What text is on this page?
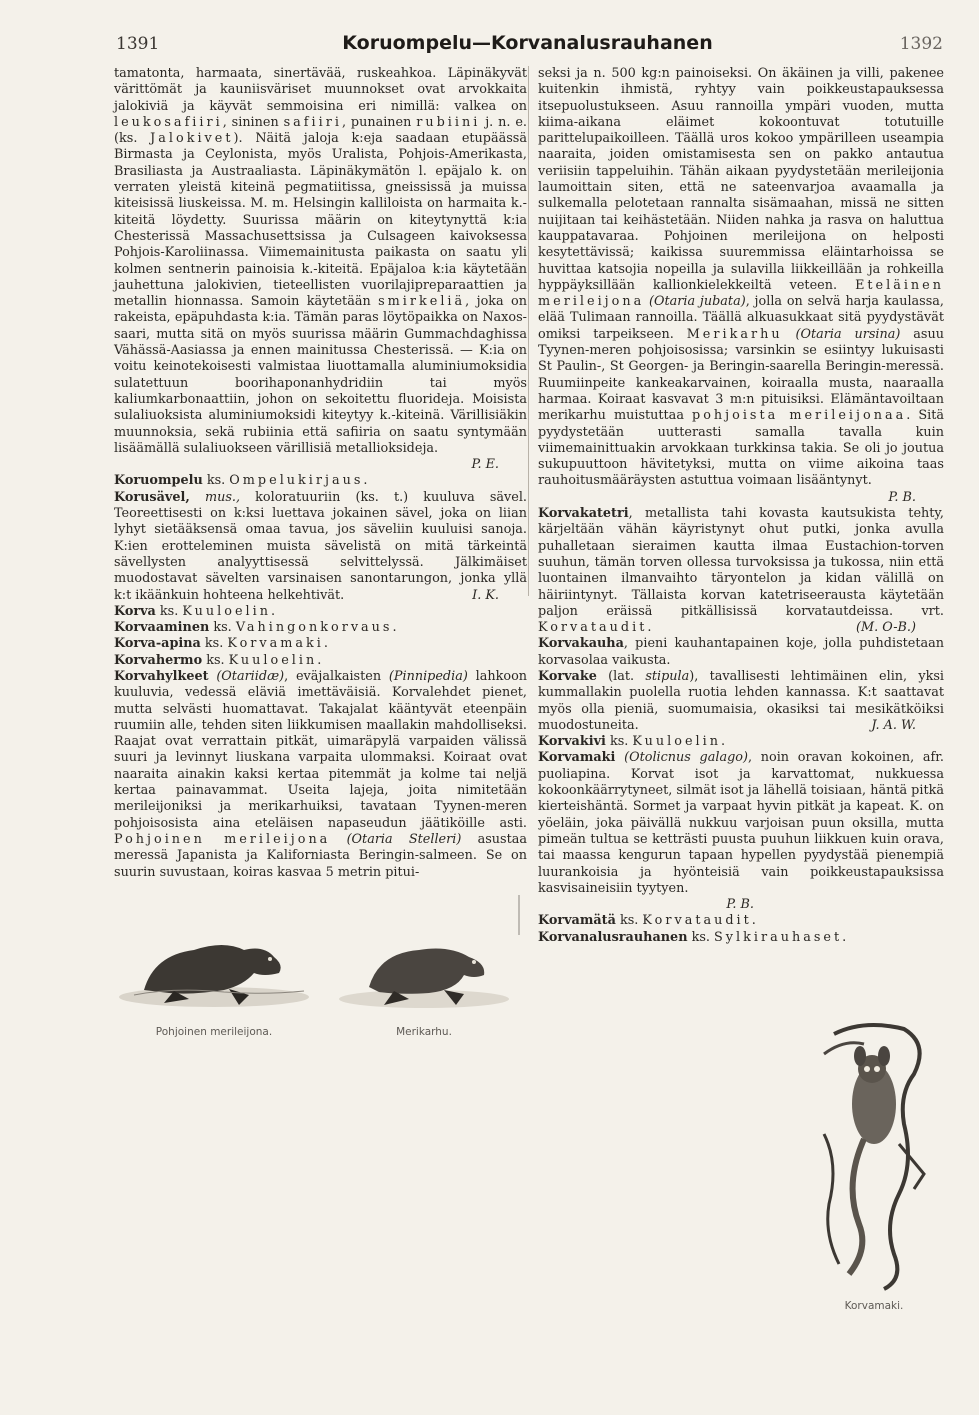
1391	Koruompelu—Korvanalusrauhanen	1392

tamatonta, harmaata, sinertävää, ruskeahkoa. Läpinäkyvät värittömät ja kauniisväriset muunnokset ovat arvokkaita jalokiviä ja käyvät semmoisina eri nimillä: valkea on leukosafiiri, sininen safiiri, punainen rubiini j. n. e. (ks. Jalokivet). Näitä jaloja k:eja saadaan etupäässä Birmasta ja Ceylonista, myös Uralista, Pohjois-Amerikasta, Brasiliasta ja Austraaliasta. Läpinäkymätön l. epäjalo k. on verraten yleistä kiteinä pegmatiitissa, gneississä ja muissa kiteisissä liuskeissa. M. m. Helsingin kalliloista on harmaita k.-kiteitä löydetty. Suurissa määrin on kiteytynyttä k:ia Chesterissä Massachusettsissa ja Culsageen kaivoksessa Pohjois-Karoliinassa. Viimemainitusta paikasta on saatu yli kolmen sentnerin painoisia k.-kiteitä. Epäjaloa k:ia käytetään jauhettuna jalokivien, tieteellisten vuorilajipreparaattien ja metallin hionnassa. Samoin käytetään smirkeliä, joka on rakeista, epäpuhdasta k:ia. Tämän paras löytöpaikka on Naxos-saari, mutta sitä on myös suurissa määrin Gummachdaghissa Vähässä-Aasiassa ja ennen mainitussa Chesterissä. — K:ia on voitu keinotekoisesti valmistaa liuottamalla aluminiumoksidia sulatettuun boorihaponanhydridiin tai myös kaliumkarbonaattiin, johon on sekoitettu fluorideja. Moisista sulaliuoksista aluminiumoksidi kiteytyy k.-kiteinä. Värillisiäkin muunnoksia, sekä rubiinia että safiiria on saatu syntymään lisäämällä sulaliuokseen värillisiä metallioksideja.

P. E.

Koruompelu ks. Ompelukirjaus.

Korusävel, mus., koloratuuriin (ks. t.) kuuluva sävel. Teoreettisesti on k:ksi luettava jokainen sävel, joka on liian lyhyt sietääksensä omaa tavua, jos säveliin kuuluisi sanoja. K:ien erotteleminen muista sävelistä on mitä tärkeintä sävellysten analyyttisessä selvittelyssä. Jälkimäiset muodostavat sävelten varsinaisen sanontarungon, jonka yllä k:t ikäänkuin hohteena helkehtivät.	I. K.

Korva ks. Kuuloelin.

Korvaaminen ks. Vahingonkorvaus.

Korva-apina ks. Korvamaki.

Korvahermo ks. Kuuloelin.

Korvahylkeet (Otariidæ), eväjalkaisten (Pinnipedia) lahkoon kuuluvia, vedessä eläviä imettäväisiä. Korvalehdet pienet, mutta selvästi huomattavat. Takajalat kääntyvät eteenpäin ruumiin alle, tehden siten liikkumisen maallakin mahdolliseksi. Raajat ovat verrattain pitkät, uimaräpylä varpaiden välissä suuri ja levinnyt liuskana varpaita ulommaksi. Koiraat ovat naaraita ainakin kaksi kertaa pitemmät ja kolme tai neljä kertaa painavammat. Useita lajeja, joita nimitetään merileijoniksi ja merikarhuiksi, tavataan Tyynen-meren pohjoisosista aina eteläisen napaseudun jäätiköille asti. Pohjoinen merileijona (Otaria Stelleri) asustaa meressä Japanista ja Kaliforniasta Beringin-salmeen. Se on suurin suvustaan, koiras kasvaa 5 metrin pitui-

Pohjoinen merileijona.	Merikarhu.

seksi ja n. 500 kg:n painoiseksi. On äkäinen ja villi, pakenee kuitenkin ihmistä, ryhtyy vain poikkeustapauksessa itsepuolustukseen. Asuu rannoilla ympäri vuoden, mutta kiima-aikana eläimet kokoontuvat totutuille parittelupaikoilleen. Täällä uros kokoo ympärilleen useampia naaraita, joiden omistamisesta sen on pakko antautua veriisiin tappeluihin. Tähän aikaan pyydystetään merileijonia laumoittain siten, että ne sateenvarjoa avaamalla ja sulkemalla pelotetaan rannalta sisämaahan, missä ne sitten nuijitaan tai keihästetään. Niiden nahka ja rasva on haluttua kauppatavaraa. Pohjoinen merileijona on helposti kesytettävissä; kaikissa suuremmissa eläintarhoissa se huvittaa katsojia nopeilla ja sulavilla liikkeillään ja rohkeilla hyppäyksillään kallionkielekkeiltä veteen. Eteläinen merileijona (Otaria jubata), jolla on selvä harja kaulassa, elää Tulimaan rannoilla. Täällä alkuasukkaat sitä pyydystävät omiksi tarpeikseen. Merikarhu (Otaria ursina) asuu Tyynen-meren pohjoisosissa; varsinkin se esiintyy lukuisasti St Paulin-, St Georgen- ja Beringin-saarella Beringin-meressä. Ruumiinpeite kankeakarvainen, koiraalla musta, naaraalla harmaa. Koiraat kasvavat 3 m:n pituisiksi. Elämäntavoiltaan merikarhu muistuttaa pohjoista merileijonaa. Sitä pyydystetään uutterasti samalla tavalla kuin viimemainittuakin arvokkaan turkkinsa takia. Se oli jo joutua sukupuuttoon hävitetyksi, mutta on viime aikoina taas rauhoitusmääräysten astuttua voimaan lisääntynyt.

P. B.

Korvakatetri, metallista tahi kovasta kautsukista tehty, kärjeltään vähän käyristynyt ohut putki, jonka avulla puhalletaan sieraimen kautta ilmaa Eustachion-torven suuhun, tämän torven ollessa turvoksissa ja tukossa, niin että luontainen ilmanvaihto täryontelon ja kidan välillä on häiriintynyt. Tällaista korvan katetriseerausta käytetään paljon eräissä pitkällisissä korvatautdeissa. vrt. Korvataudit.	(M. O-B.)

Korvakauha, pieni kauhantapainen koje, jolla puhdistetaan korvasolaa vaikusta.

Korvake (lat. stipula), tavallisesti lehtimäinen elin, yksi kummallakin puolella ruotia lehden kannassa. K:t saattavat myös olla pieniä, suomumaisia, okasiksi tai mesikätköiksi muodostuneita.	J. A. W.

Korvakivi ks. Kuuloelin.

Korvamaki (Otolicnus galago), noin oravan kokoinen, afr. puoliapina. Korvat isot ja karvattomat, nukkuessa kokoonkäärrytyneet, silmät isot ja lähellä toisiaan, häntä pitkä kierteishäntä. Sormet ja varpaat hyvin pitkät ja kapeat. K. on yöeläin, joka päivällä nukkuu varjoisan puun oksilla, mutta pimeän tultua se ketträsti puusta puuhun liikkuen kuin orava, tai maassa kengurun tapaan hypellen pyydystää pienempiä luurankoisia ja hyönteisiä vain poikkeustapauksissa kasvisaineisiin tyytyen.

Korvamaki.

P. B.

Korvamätä ks. Korvataudit.

Korvanalusrauhanen ks. Sylkirauhaset.
